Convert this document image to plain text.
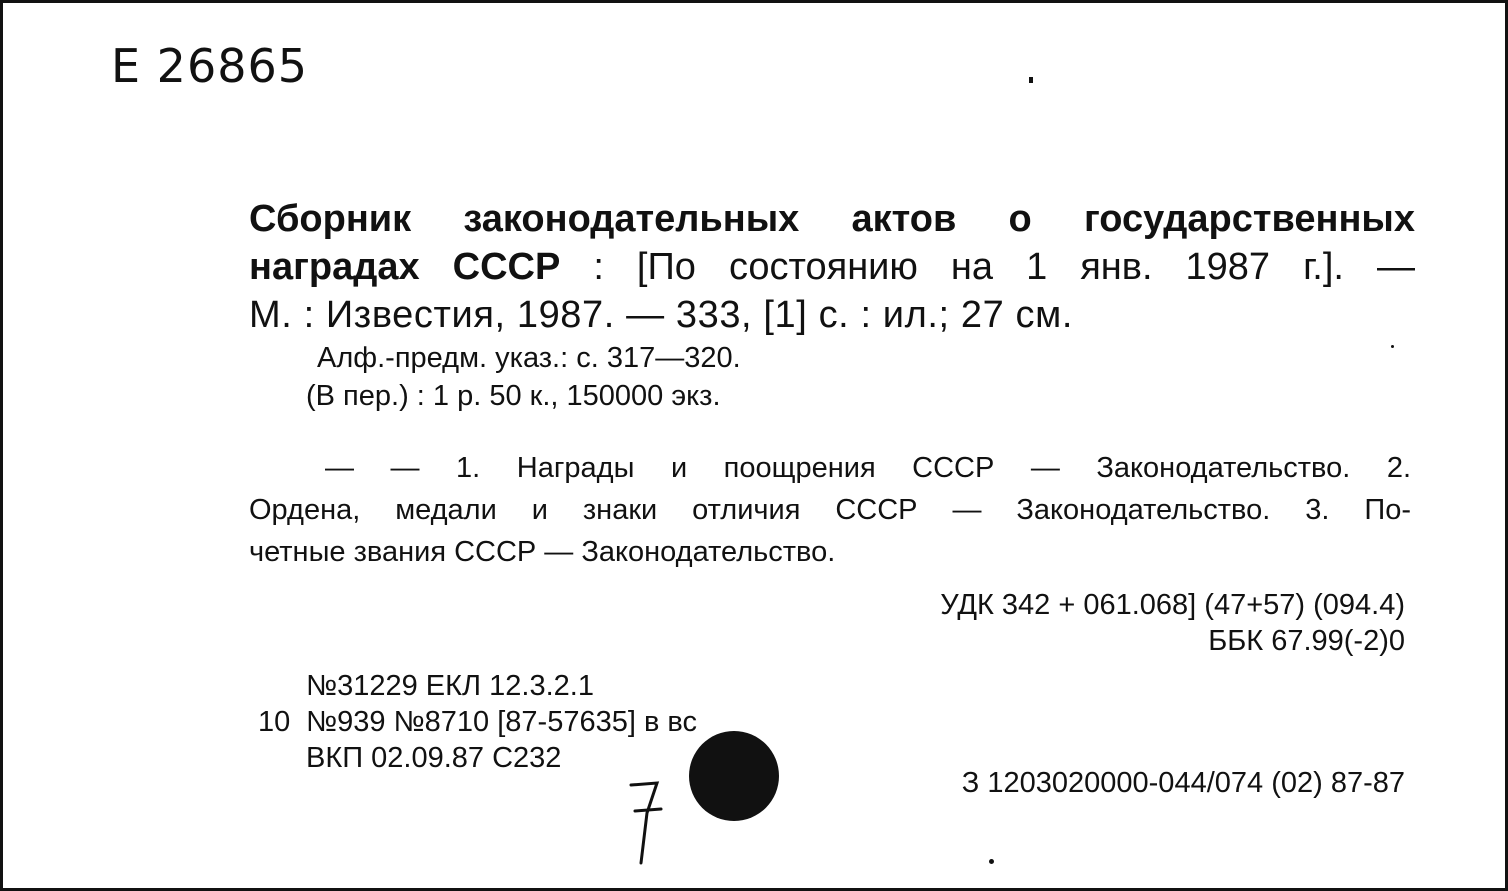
Е 26865
Сборник законодательных актов о государственных
наградах СССР : [По состоянию на 1 янв. 1987 г.]. —
М. : Известия, 1987. — 333, [1] с. : ил.; 27 см.
Алф.-предм. указ.: с. 317—320.
(В пер.) : 1 р. 50 к., 150000 экз.
— — 1. Награды и поощрения СССР — Законодательство. 2.
Ордена, медали и знаки отличия СССР — Законодательство. 3. По-
четные звания СССР — Законодательство.
УДК 342 + 061.068] (47+57) (094.4)
ББК 67.99(-2)0
№31229 ЕКЛ 12.3.2.1
10 №939 №8710 [87-57635] в вс
ВКП 02.09.87 С232
З 1203020000-044/074 (02) 87-87
